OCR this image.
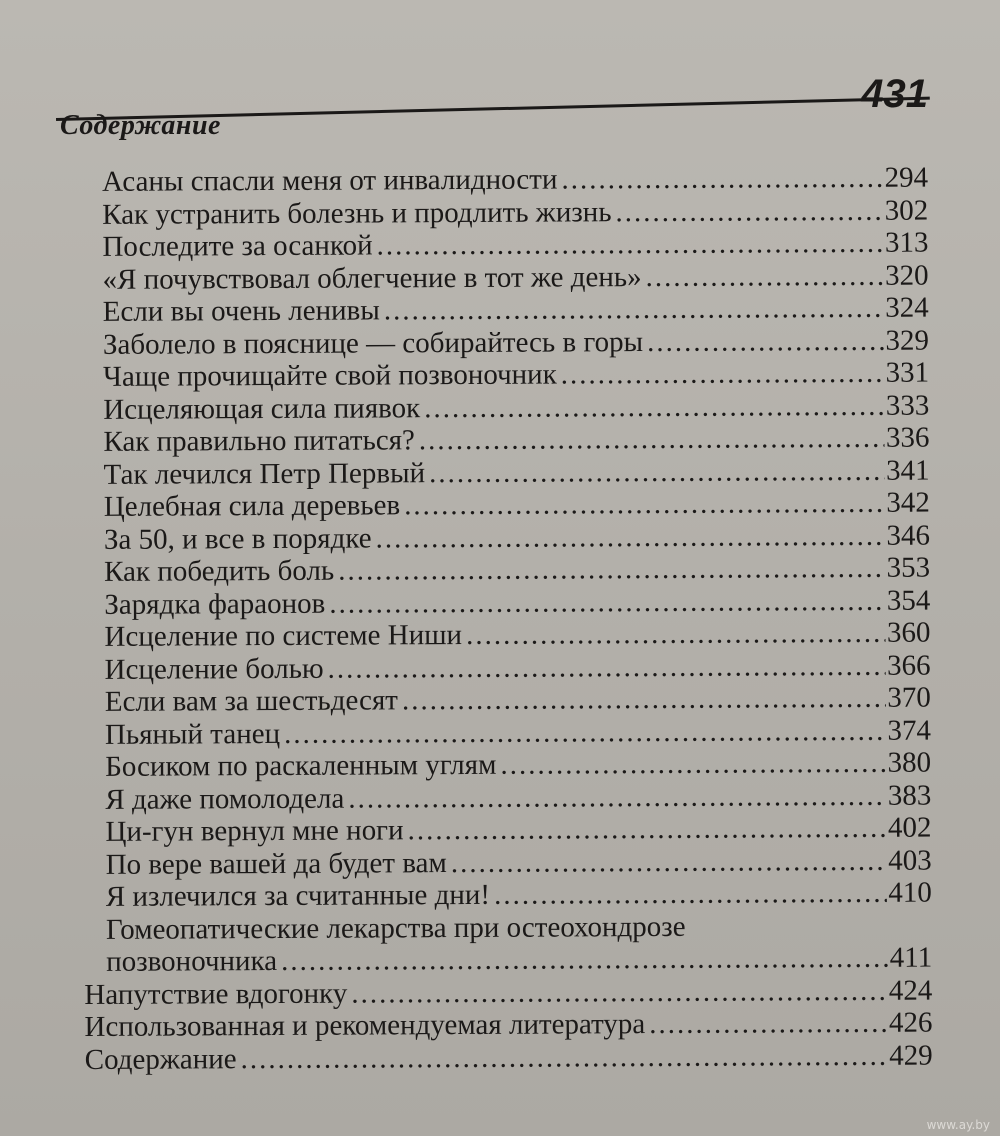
Содержание
431
Асаны спасли меня от инвалидности .....	294
Как устранить болезнь и продлить жизнь .....	302
Последите за осанкой .....	313
«Я почувствовал облегчение в тот же день» .....	320
Если вы очень ленивы .....	324
Заболело в пояснице — собирайтесь в горы .....	329
Чаще прочищайте свой позвоночник .....	331
Исцеляющая сила пиявок .....	333
Как правильно питаться? .....	336
Так лечился Петр Первый .....	341
Целебная сила деревьев .....	342
За 50, и все в порядке .....	346
Как победить боль .....	353
Зарядка фараонов .....	354
Исцеление по системе Ниши .....	360
Исцеление болью .....	366
Если вам за шестьдесят .....	370
Пьяный танец .....	374
Босиком по раскаленным углям .....	380
Я даже помолодела .....	383
Ци-гун вернул мне ноги .....	402
По вере вашей да будет вам .....	403
Я излечился за считанные дни! .....	410
Гомеопатические лекарства при остеохондрозе
позвоночника .....	411
Напутствие вдогонку .....	424
Использованная и рекомендуемая литература .....	426
Содержание .....	429
www.ay.by
